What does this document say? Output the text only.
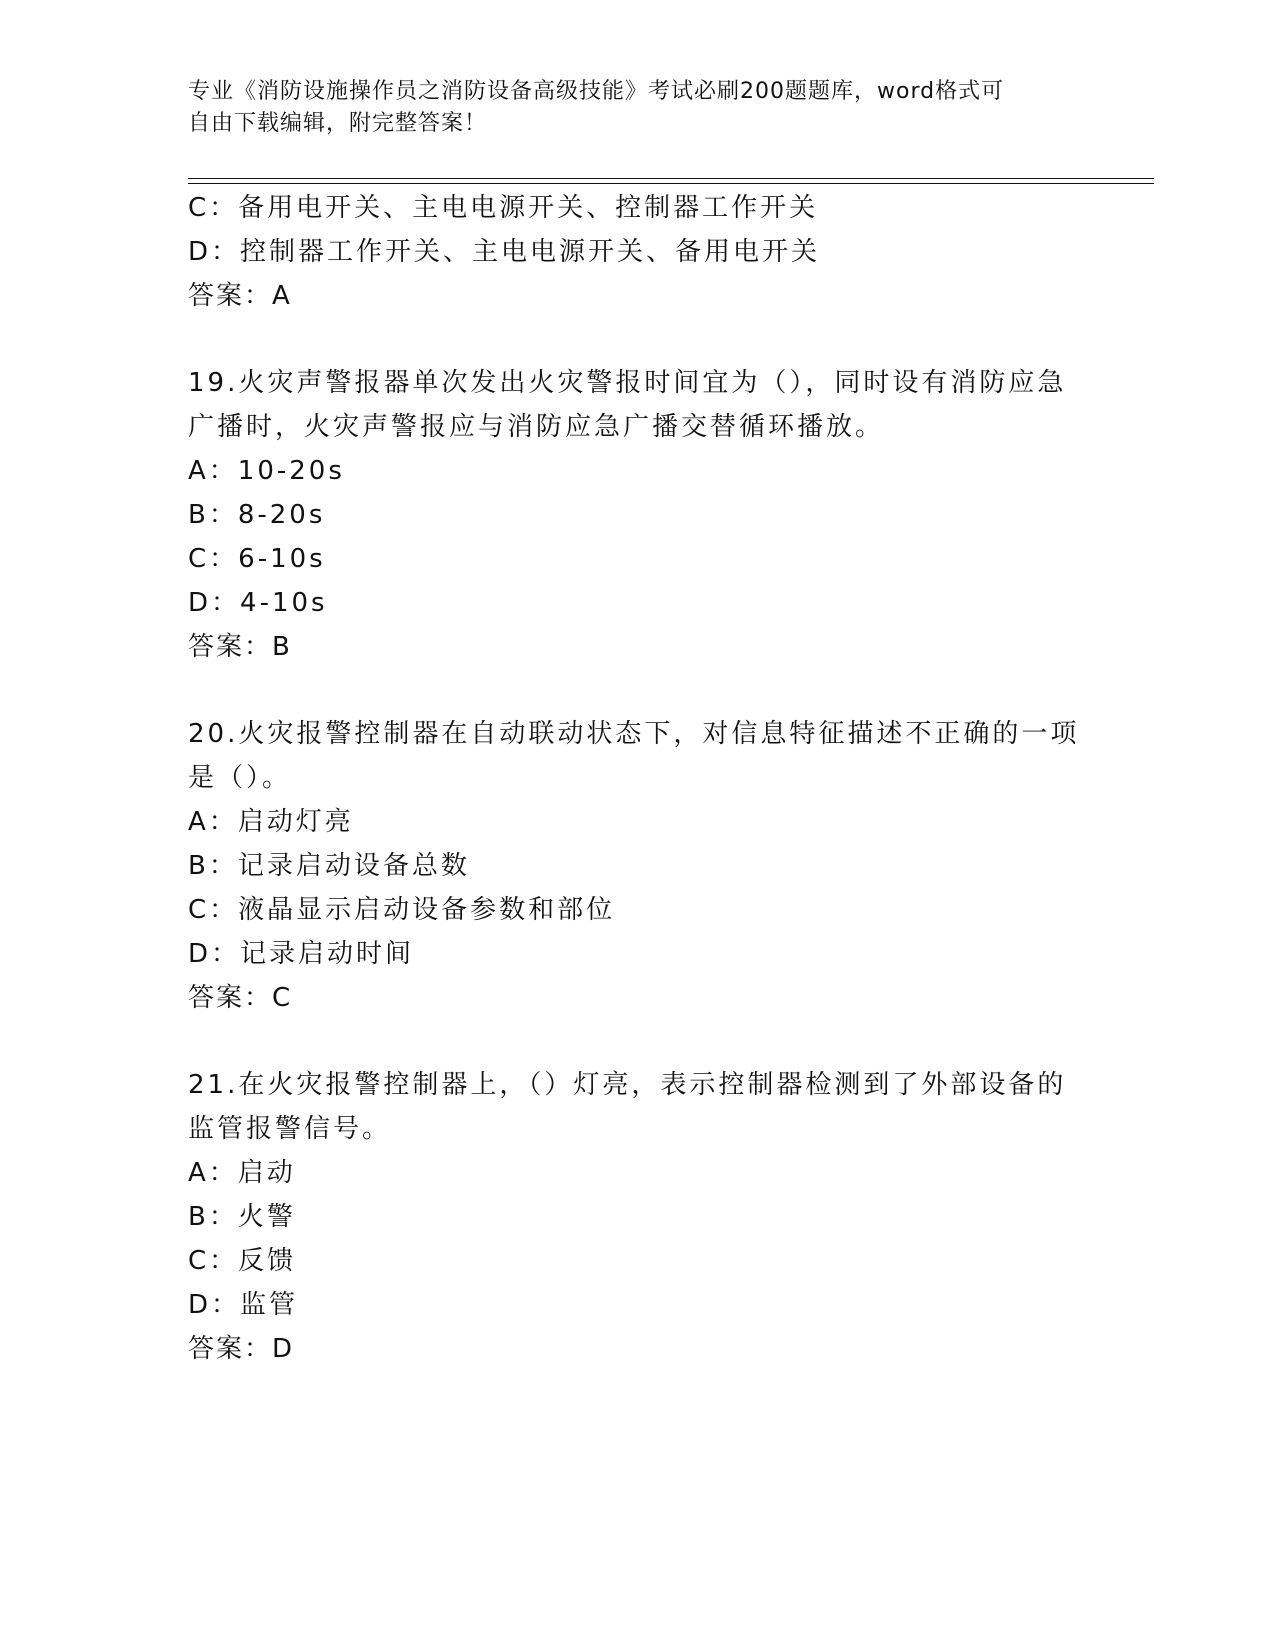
专业《消防设施操作员之消防设备高级技能》考试必刷200题题库，word格式可
自由下载编辑，附完整答案！
C：备用电开关、主电电源开关、控制器工作开关
D：控制器工作开关、主电电源开关、备用电开关
答案：A
19.火灾声警报器单次发出火灾警报时间宜为（），同时设有消防应急
广播时，火灾声警报应与消防应急广播交替循环播放。
A：10-20s
B：8-20s
C：6-10s
D：4-10s
答案：B
20.火灾报警控制器在自动联动状态下，对信息特征描述不正确的一项
是（）。
A：启动灯亮
B：记录启动设备总数
C：液晶显示启动设备参数和部位
D：记录启动时间
答案：C
21.在火灾报警控制器上，（）灯亮，表示控制器检测到了外部设备的
监管报警信号。
A：启动
B：火警
C：反馈
D：监管
答案：D
